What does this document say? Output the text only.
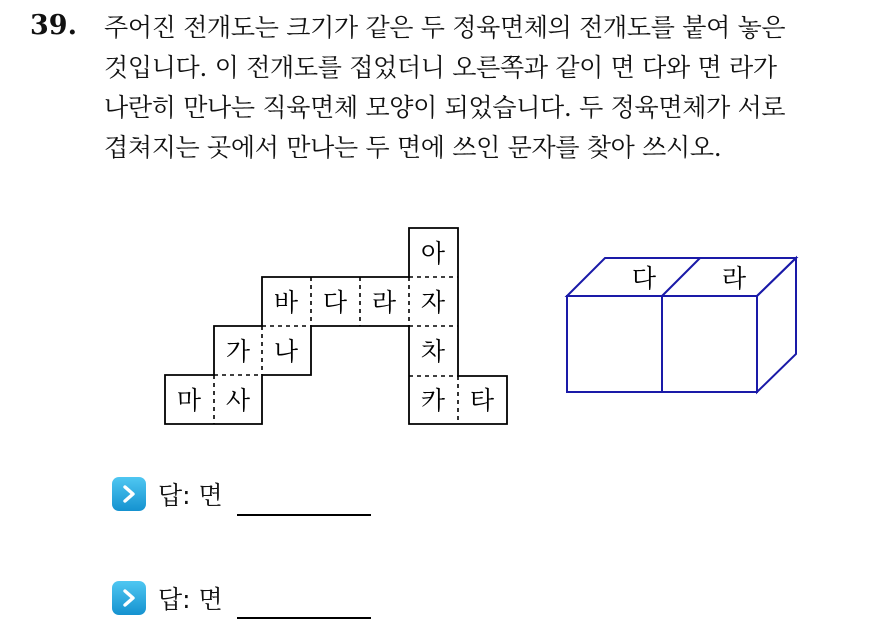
39. 주어진 전개도는 크기가 같은 두 정육면체의 전개도를 붙여 놓은
것입니다. 이 전개도를 접었더니 오른쪽과 같이 면 다와 면 라가
나란히 만나는 직육면체 모양이 되었습니다. 두 정육면체가 서로
겹쳐지는 곳에서 만나는 두 면에 쓰인 문자를 찾아 쓰시오.
아
바 다 라 자
가 나	차
마 사	카 타
다	라
답: 면
답: 면
